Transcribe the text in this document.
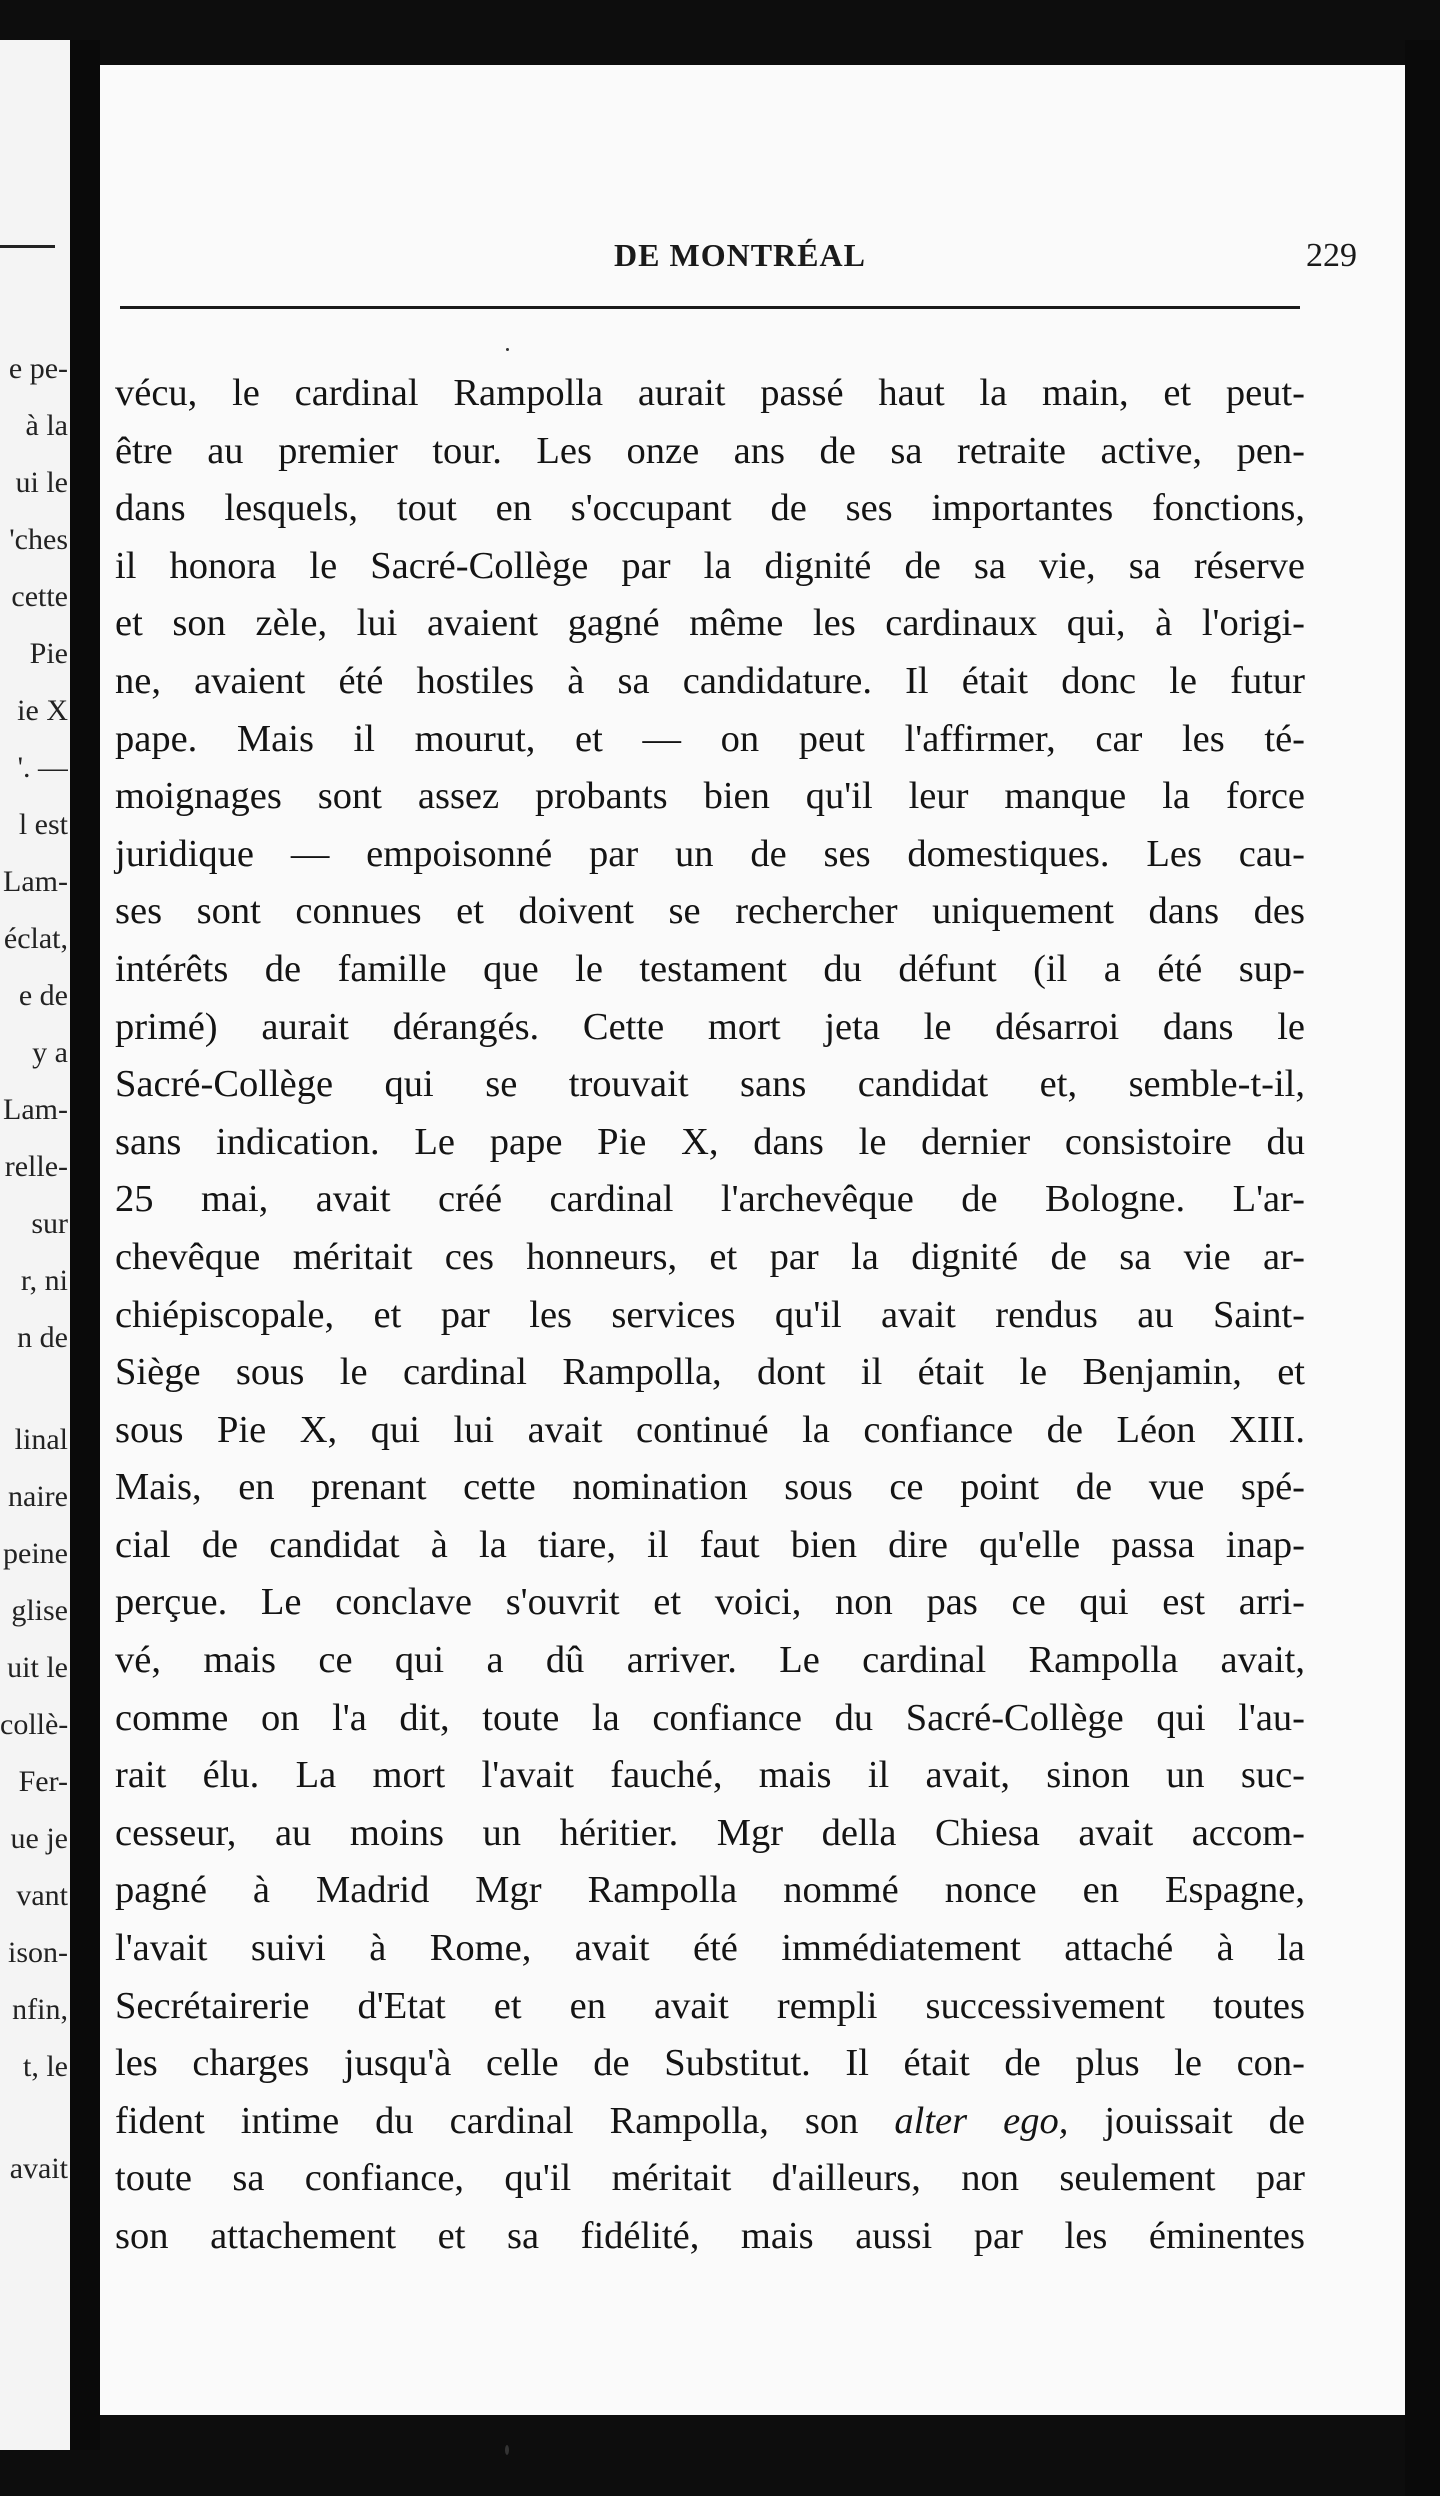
e pe-
à la
ui le
'ches
cette
Pie
ie X
'. —
l est
Lam-
éclat,
e de
y a
Lam-
relle-
sur
r, ni
n de
linal
naire
peine
glise
uit le
collè-
Fer-
ue je
vant
ison-
nfin,
t, le
avait
DE MONTRÉAL	229
vécu, le cardinal Rampolla aurait passé haut la main, et peut-
être au premier tour. Les onze ans de sa retraite active, pen-
dans lesquels, tout en s'occupant de ses importantes fonctions,
il honora le Sacré-Collège par la dignité de sa vie, sa réserve
et son zèle, lui avaient gagné même les cardinaux qui, à l'origi-
ne, avaient été hostiles à sa candidature. Il était donc le futur
pape. Mais il mourut, et — on peut l'affirmer, car les té-
moignages sont assez probants bien qu'il leur manque la force
juridique — empoisonné par un de ses domestiques. Les cau-
ses sont connues et doivent se rechercher uniquement dans des
intérêts de famille que le testament du défunt (il a été sup-
primé) aurait dérangés. Cette mort jeta le désarroi dans le
Sacré-Collège qui se trouvait sans candidat et, semble-t-il,
sans indication. Le pape Pie X, dans le dernier consistoire du
25 mai, avait créé cardinal l'archevêque de Bologne. L'ar-
chevêque méritait ces honneurs, et par la dignité de sa vie ar-
chiépiscopale, et par les services qu'il avait rendus au Saint-
Siège sous le cardinal Rampolla, dont il était le Benjamin, et
sous Pie X, qui lui avait continué la confiance de Léon XIII.
Mais, en prenant cette nomination sous ce point de vue spé-
cial de candidat à la tiare, il faut bien dire qu'elle passa inap-
perçue. Le conclave s'ouvrit et voici, non pas ce qui est arri-
vé, mais ce qui a dû arriver. Le cardinal Rampolla avait,
comme on l'a dit, toute la confiance du Sacré-Collège qui l'au-
rait élu. La mort l'avait fauché, mais il avait, sinon un suc-
cesseur, au moins un héritier. Mgr della Chiesa avait accom-
pagné à Madrid Mgr Rampolla nommé nonce en Espagne,
l'avait suivi à Rome, avait été immédiatement attaché à la
Secrétairerie d'Etat et en avait rempli successivement toutes
les charges jusqu'à celle de Substitut. Il était de plus le con-
fident intime du cardinal Rampolla, son alter ego, jouissait de
toute sa confiance, qu'il méritait d'ailleurs, non seulement par
son attachement et sa fidélité, mais aussi par les éminentes
